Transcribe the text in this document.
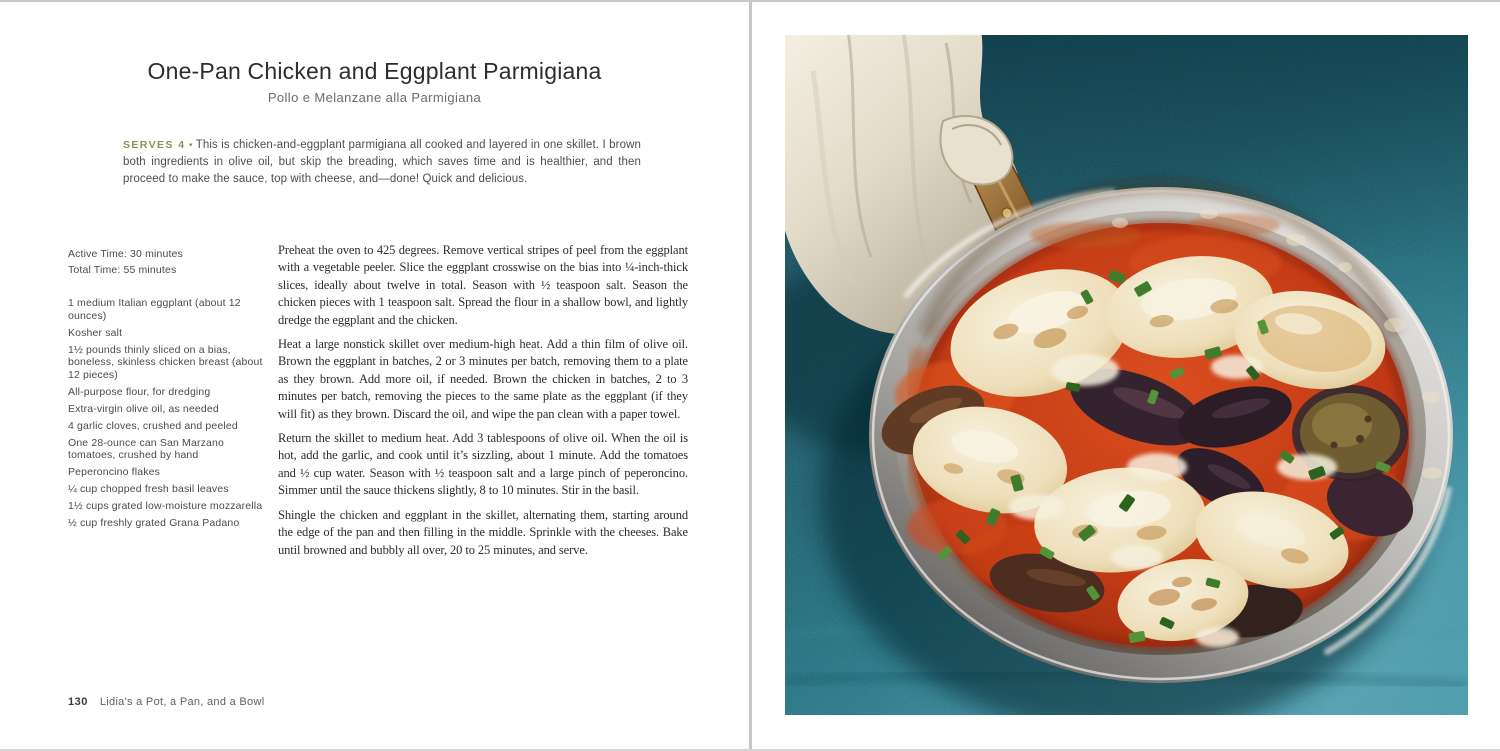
One-Pan Chicken and Eggplant Parmigiana
Pollo e Melanzane alla Parmigiana

SERVES 4 • This is chicken-and-eggplant parmigiana all cooked and layered in one skillet. I brown both ingredients in olive oil, but skip the breading, which saves time and is healthier, and then proceed to make the sauce, top with cheese, and—done! Quick and delicious.

Active Time: 30 minutes

Total Time: 55 minutes

1 medium Italian eggplant (about 12 ounces)
Kosher salt
1½ pounds thinly sliced on a bias, boneless, skinless chicken breast (about 12 pieces)
All-purpose flour, for dredging
Extra-virgin olive oil, as needed
4 garlic cloves, crushed and peeled
One 28-ounce can San Marzano tomatoes, crushed by hand
Peperoncino flakes
¼ cup chopped fresh basil leaves
1½ cups grated low-moisture mozzarella
½ cup freshly grated Grana Padano

Preheat the oven to 425 degrees. Remove vertical stripes of peel from the eggplant with a vegetable peeler. Slice the eggplant crosswise on the bias into ¼-inch-thick slices, ideally about twelve in total. Season with ½ teaspoon salt. Season the chicken pieces with 1 teaspoon salt. Spread the flour in a shallow bowl, and lightly dredge the eggplant and the chicken.

Heat a large nonstick skillet over medium-high heat. Add a thin film of olive oil. Brown the eggplant in batches, 2 or 3 minutes per batch, removing them to a plate as they brown. Add more oil, if needed. Brown the chicken in batches, 2 to 3 minutes per batch, removing the pieces to the same plate as the eggplant (if they will fit) as they brown. Discard the oil, and wipe the pan clean with a paper towel.

Return the skillet to medium heat. Add 3 tablespoons of olive oil. When the oil is hot, add the garlic, and cook until it’s sizzling, about 1 minute. Add the tomatoes and ½ cup water. Season with ½ teaspoon salt and a large pinch of peperoncino. Simmer until the sauce thickens slightly, 8 to 10 minutes. Stir in the basil.

Shingle the chicken and eggplant in the skillet, alternating them, starting around the edge of the pan and then filling in the middle. Sprinkle with the cheeses. Bake until browned and bubbly all over, 20 to 25 minutes, and serve.

130 Lidia's a Pot, a Pan, and a Bowl
